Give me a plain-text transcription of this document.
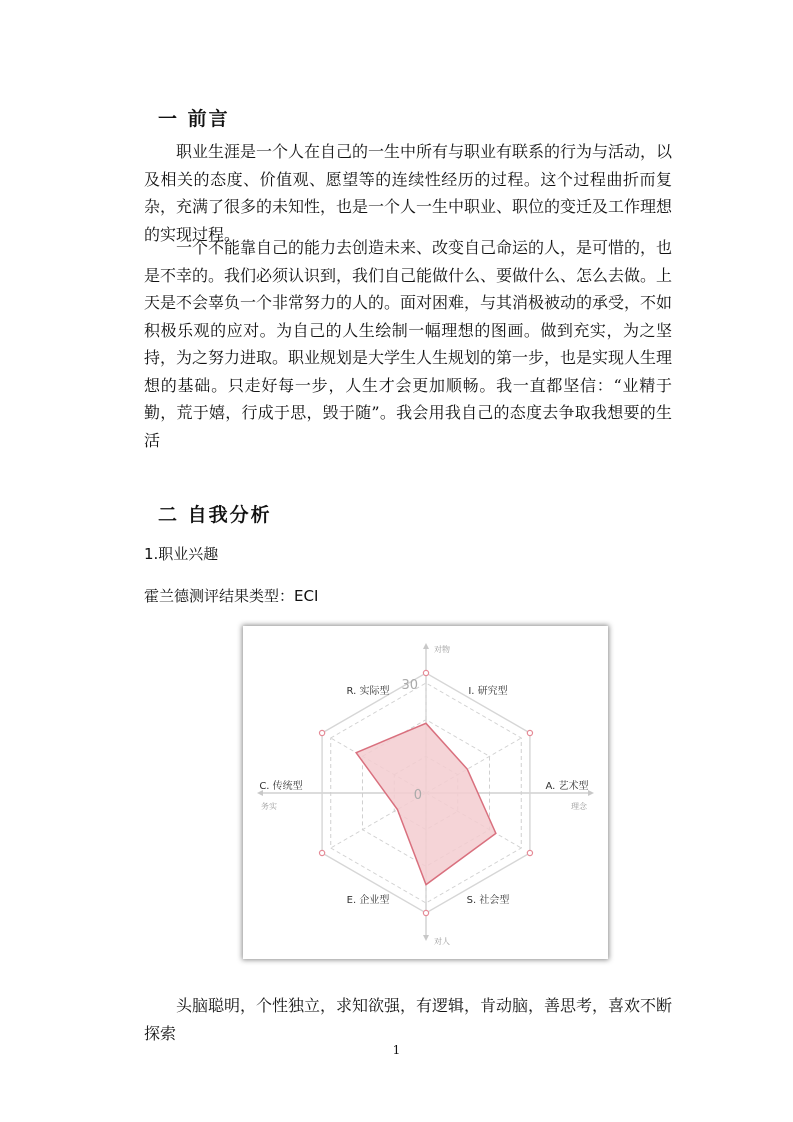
一 前言

职业生涯是一个人在自己的一生中所有与职业有联系的行为与活动，以及相关的态度、价值观、愿望等的连续性经历的过程。这个过程曲折而复杂，充满了很多的未知性，也是一个人一生中职业、职位的变迁及工作理想的实现过程。

一个不能靠自己的能力去创造未来、改变自己命运的人，是可惜的，也是不幸的。我们必须认识到，我们自己能做什么、要做什么、怎么去做。上天是不会辜负一个非常努力的人的。面对困难，与其消极被动的承受，不如积极乐观的应对。为自己的人生绘制一幅理想的图画。做到充实，为之坚持，为之努力进取。职业规划是大学生人生规划的第一步，也是实现人生理想的基础。只走好每一步，人生才会更加顺畅。我一直都坚信：“业精于勤，荒于嬉，行成于思，毁于随”。我会用我自己的态度去争取我想要的生活

二 自我分析

1.职业兴趣

霍兰德测评结果类型：ECI

30
0
I. 研究型
A. 艺术型
S. 社会型
E. 企业型
C. 传统型
R. 实际型
对物
对人
务实	理念

头脑聪明，个性独立，求知欲强，有逻辑，肯动脑，善思考，喜欢不断探索

1
